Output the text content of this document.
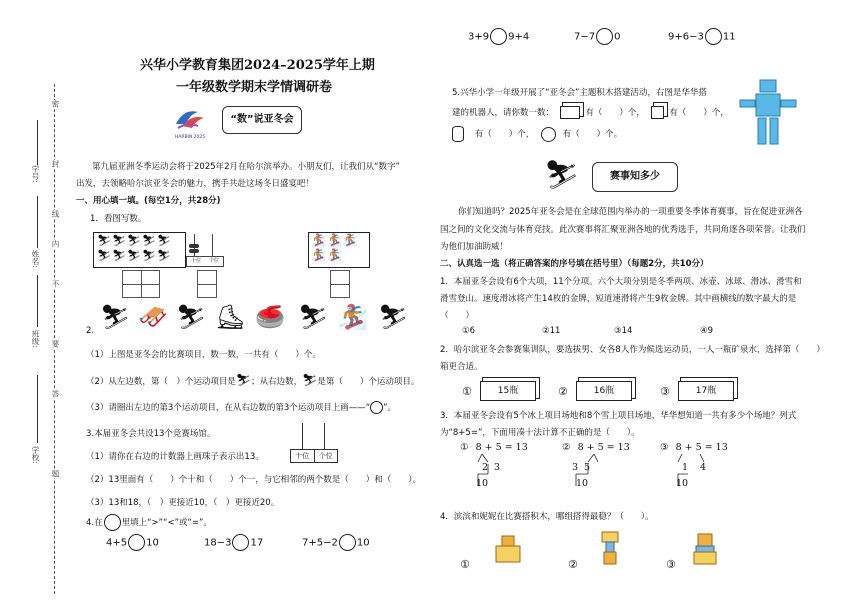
学号:
姓名:
班级:
学校:
密
封
线
内
不
要
答
题
兴华小学教育集团2024–2025学年上期
一年级数学期末学情调研卷
HARBIN 2025
“数”说亚冬会
第九届亚洲冬季运动会将于2025年2月在哈尔滨举办。小朋友们，让我们从“数字”
出发，去领略哈尔滨亚冬会的魅力，携手共赴这场冬日盛宴吧！
一、用心填一填。(每空1分，共28分)
1．看图写数。
⛷⛷⛷⛷⛷
⛷⛷⛷⛷⛷	十位 个位
🏂🏂🏂
🏂🏂
⛷ 🛷 ⛷ ⛸ 🥌 ⛷ 🏂 ⛷
2.
（1）上图是亚冬会的比赛项目，数一数，一共有（　　）个。
（2）从左边数，第（　）个运动项目是⛷；从右边数，⛷是第（　　）个运动项目。
（3）请圈出左边的第3个运动项目，在从右边数的第3个运动项目上画——“ ”。
3.本届亚冬会共设13个竞赛场馆。
（1）请你在右边的计数器上画珠子表示出13。	十位	个位
（2）13里面有（　　）个十和（　　）个一，与它相邻的两个数是（　　）和（　　）。
（3）13和18，（　）更接近10，（　）更接近20。
4.在 里填上“>”“<”或“=”。
4+5 10	18−3 17	7+5−2 10
3+9 9+4	7−7 0	9+6−3 11
5.兴华小学一年级开展了“亚冬会”主题积木搭建活动，右图是华华搭
建的机器人，请你数一数：	有（　　）个，	有（　　）个，
有（　　）个，	有（　　）个。
⛷	赛事知多少
你们知道吗？2025年亚冬会是在全球范围内举办的一项重要冬季体育赛事，旨在促进亚洲各
国之间的文化交流与体育竞技。此次赛事将汇聚亚洲各地的优秀选手，共同角逐各项荣誉。让我们
为他们加油助威！
二、认真选一选（将正确答案的序号填在括号里）（每题2分，共10分）
1．本届亚冬会设有6个大项，11个分项。六个大项分别是冬季两项、冰壶、冰球、滑冰、滑雪和
滑雪登山。速度滑冰将产生14枚的金牌，短道速滑将产生9枚金牌。其中画横线的数字最大的是
（　　）
①6	②11	③14	④9
2．哈尔滨亚冬会参赛集训队，要选拔男、女各8人作为候选运动员，一人一瓶矿泉水，选择第（　　）
箱更合适。
①	15瓶	②	16瓶	③	17瓶
3．本届亚冬会设有5个冰上项目场地和8个雪上项目场地，华华想知道一共有多少个场地？列式
为“8+5=”，下面用凑十法计算不正确的是（　　）。
① 8 + 5 = 13
2 3
10
② 8 + 5 = 13
3 5
10
③ 8 + 5 = 13
1 4
10
4．滨滨和妮妮在比赛搭积木，哪组搭得最稳？（　　）。
①	②	③
